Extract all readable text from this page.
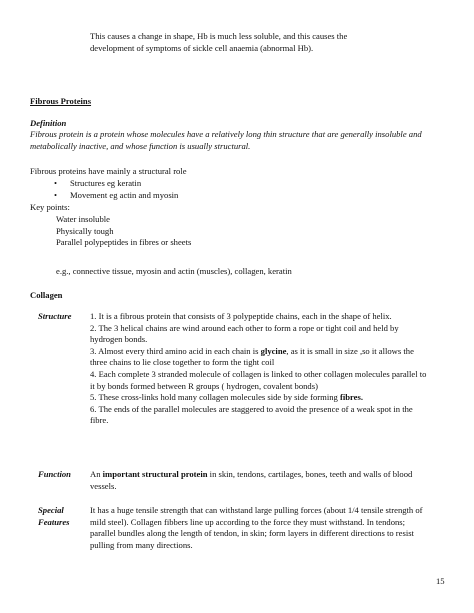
This causes a change in shape, Hb is much less soluble, and this causes the
development of symptoms of sickle cell anaemia (abnormal Hb).
Fibrous Proteins
Definition
Fibrous protein is a protein whose molecules have a relatively long thin structure that are generally insoluble and metabolically inactive, and whose function is usually structural.
Fibrous proteins have mainly a structural role
• Structures eg keratin
• Movement eg actin and myosin
Key points:
Water insoluble
Physically tough
Parallel polypeptides in fibres or sheets
e.g., connective tissue, myosin and actin (muscles), collagen, keratin
Collagen
Structure 1. It is a fibrous protein that consists of 3 polypeptide chains, each in the shape of helix.
2. The 3 helical chains are wind around each other to form a rope or tight coil and held by hydrogen bonds.
3. Almost every third amino acid in each chain is glycine, as it is small in size ,so it allows the three chains to lie close together to form the tight coil
4. Each complete 3 stranded molecule of collagen is linked to other collagen molecules parallel to it by bonds formed between R groups ( hydrogen, covalent bonds)
5. These cross-links hold many collagen molecules side by side forming fibres.
6. The ends of the parallel molecules are staggered to avoid the presence of a weak spot in the fibre.
Function An important structural protein in skin, tendons, cartilages, bones, teeth and walls of blood vessels.
Special
Features
It has a huge tensile strength that can withstand large pulling forces (about 1/4 tensile strength of mild steel). Collagen fibbers line up according to the force they must withstand. In tendons; parallel bundles along the length of tendon, in skin; form layers in different directions to resist pulling from many directions.
15
